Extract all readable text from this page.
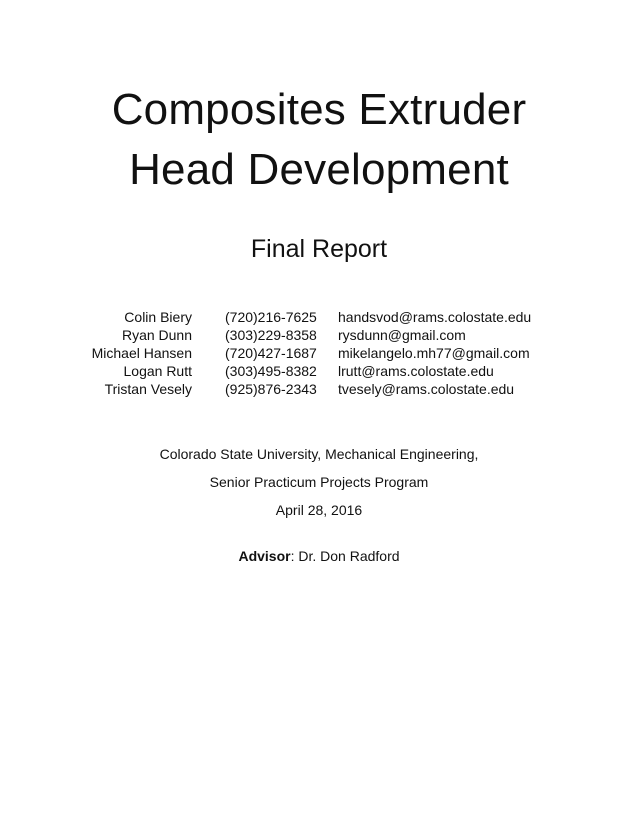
Composites Extruder
Head Development
Final Report
Colin Biery (720)216-7625 handsvod@rams.colostate.edu
Ryan Dunn (303)229-8358 rysdunn@gmail.com
Michael Hansen (720)427-1687 mikelangelo.mh77@gmail.com
Logan Rutt (303)495-8382 lrutt@rams.colostate.edu
Tristan Vesely (925)876-2343 tvesely@rams.colostate.edu
Colorado State University, Mechanical Engineering,
Senior Practicum Projects Program
April 28, 2016
Advisor: Dr. Don Radford
